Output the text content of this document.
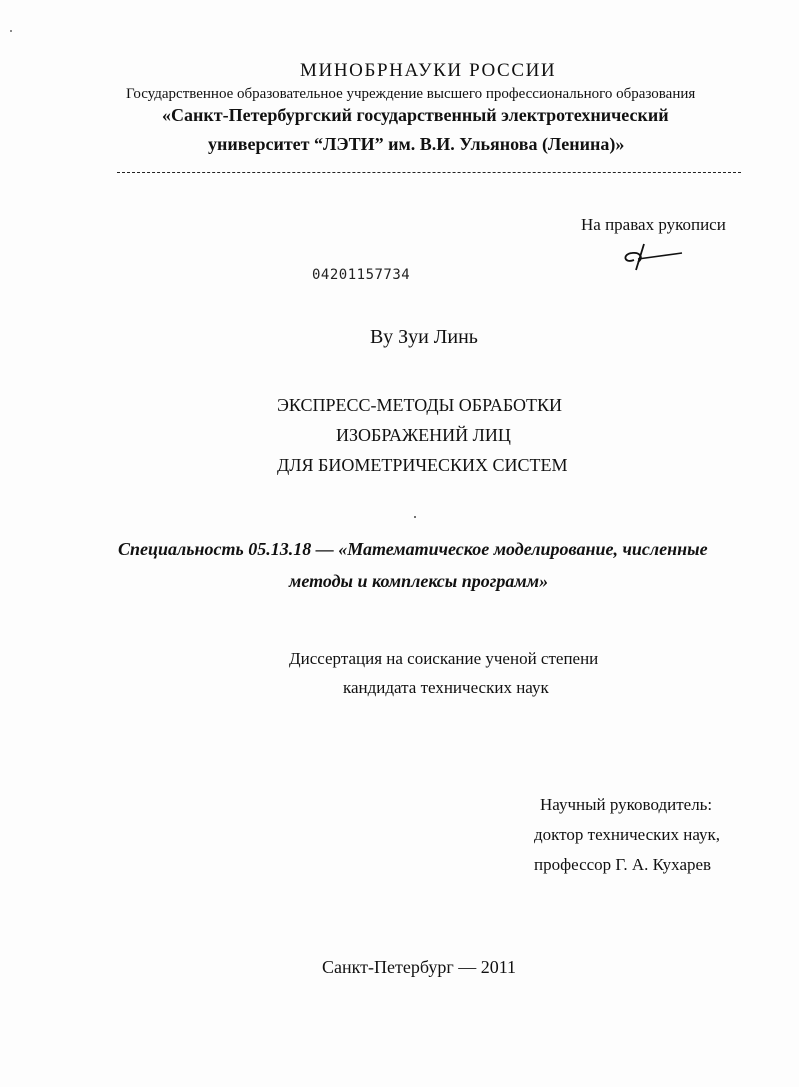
МИНОБРНАУКИ РОССИИ
Государственное образовательное учреждение высшего профессионального образования
«Санкт-Петербургский государственный электротехнический
университет “ЛЭТИ” им. В.И. Ульянова (Ленина)»
На правах рукописи
04201157734
Ву Зуи Линь
ЭКСПРЕСС-МЕТОДЫ ОБРАБОТКИ
ИЗОБРАЖЕНИЙ ЛИЦ
ДЛЯ БИОМЕТРИЧЕСКИХ СИСТЕМ
Специальность 05.13.18 — «Математическое моделирование, численные
методы и комплексы программ»
Диссертация на соискание ученой степени
кандидата технических наук
Научный руководитель:
доктор технических наук,
профессор Г. А. Кухарев
Санкт-Петербург — 2011
